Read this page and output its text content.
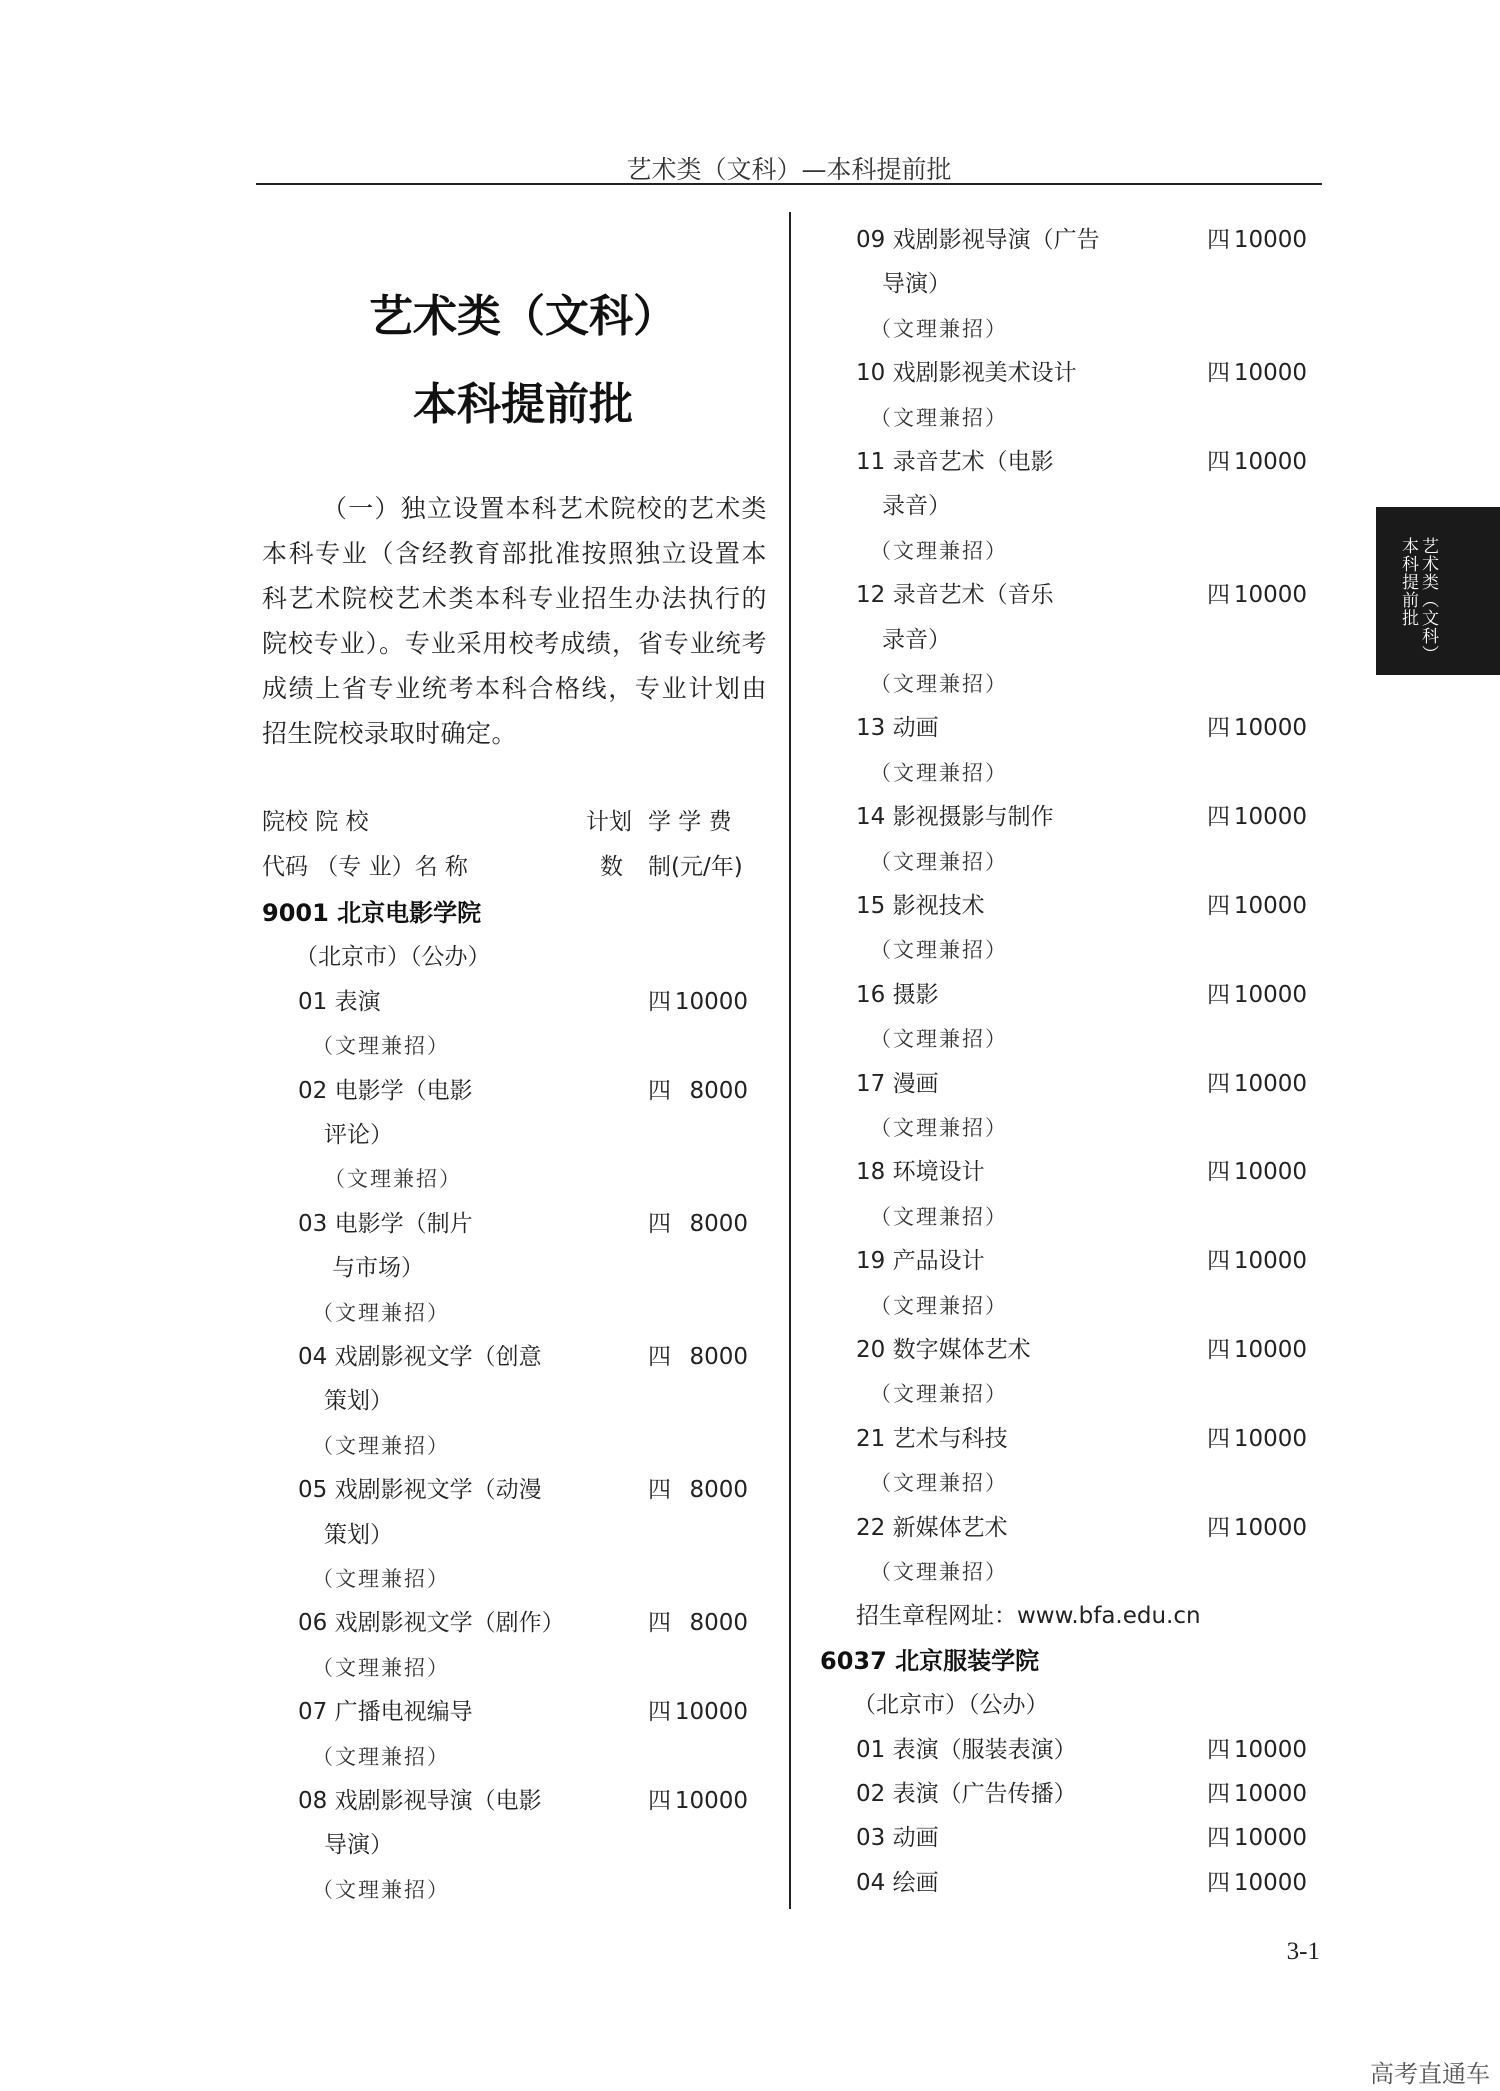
艺术类（文科）—本科提前批
艺术类（文科）
本科提前批

（一）独立设置本科艺术院校的艺术类本科专业（含经教育部批准按照独立设置本科艺术院校艺术类本科专业招生办法执行的院校专业）。专业采用校考成绩，省专业统考成绩上省专业统考本科合格线，专业计划由招生院校录取时确定。

院校 院 校	计划 学 学 费
代码 （专 业）名 称	数 制(元/年)
9001 北京电影学院
（北京市）（公办）
01 表演	四 10000
（文理兼招）
02 电影学（电影	四 8000
评论）
（文理兼招）
03 电影学（制片	四 8000
与市场）
（文理兼招）
04 戏剧影视文学（创意	四 8000
策划）
（文理兼招）
05 戏剧影视文学（动漫	四 8000
策划）
（文理兼招）
06 戏剧影视文学（剧作）	四 8000
（文理兼招）
07 广播电视编导	四 10000
（文理兼招）
08 戏剧影视导演（电影	四 10000
导演）
（文理兼招）
09 戏剧影视导演（广告	四 10000
导演）
（文理兼招）
10 戏剧影视美术设计	四 10000
（文理兼招）
11 录音艺术（电影	四 10000
录音）
（文理兼招）
12 录音艺术（音乐	四 10000
录音）
（文理兼招）
13 动画	四 10000
（文理兼招）
14 影视摄影与制作	四 10000
（文理兼招）
15 影视技术	四 10000
（文理兼招）
16 摄影	四 10000
（文理兼招）
17 漫画	四 10000
（文理兼招）
18 环境设计	四 10000
（文理兼招）
19 产品设计	四 10000
（文理兼招）
20 数字媒体艺术	四 10000
（文理兼招）
21 艺术与科技	四 10000
（文理兼招）
22 新媒体艺术	四 10000
（文理兼招）
招生章程网址：www.bfa.edu.cn
6037 北京服装学院
（北京市）（公办）
01 表演（服装表演）	四 10000
02 表演（广告传播）	四 10000
03 动画	四 10000
04 绘画	四 10000
艺术类（文科）本科提前批
3-1
高考直通车
